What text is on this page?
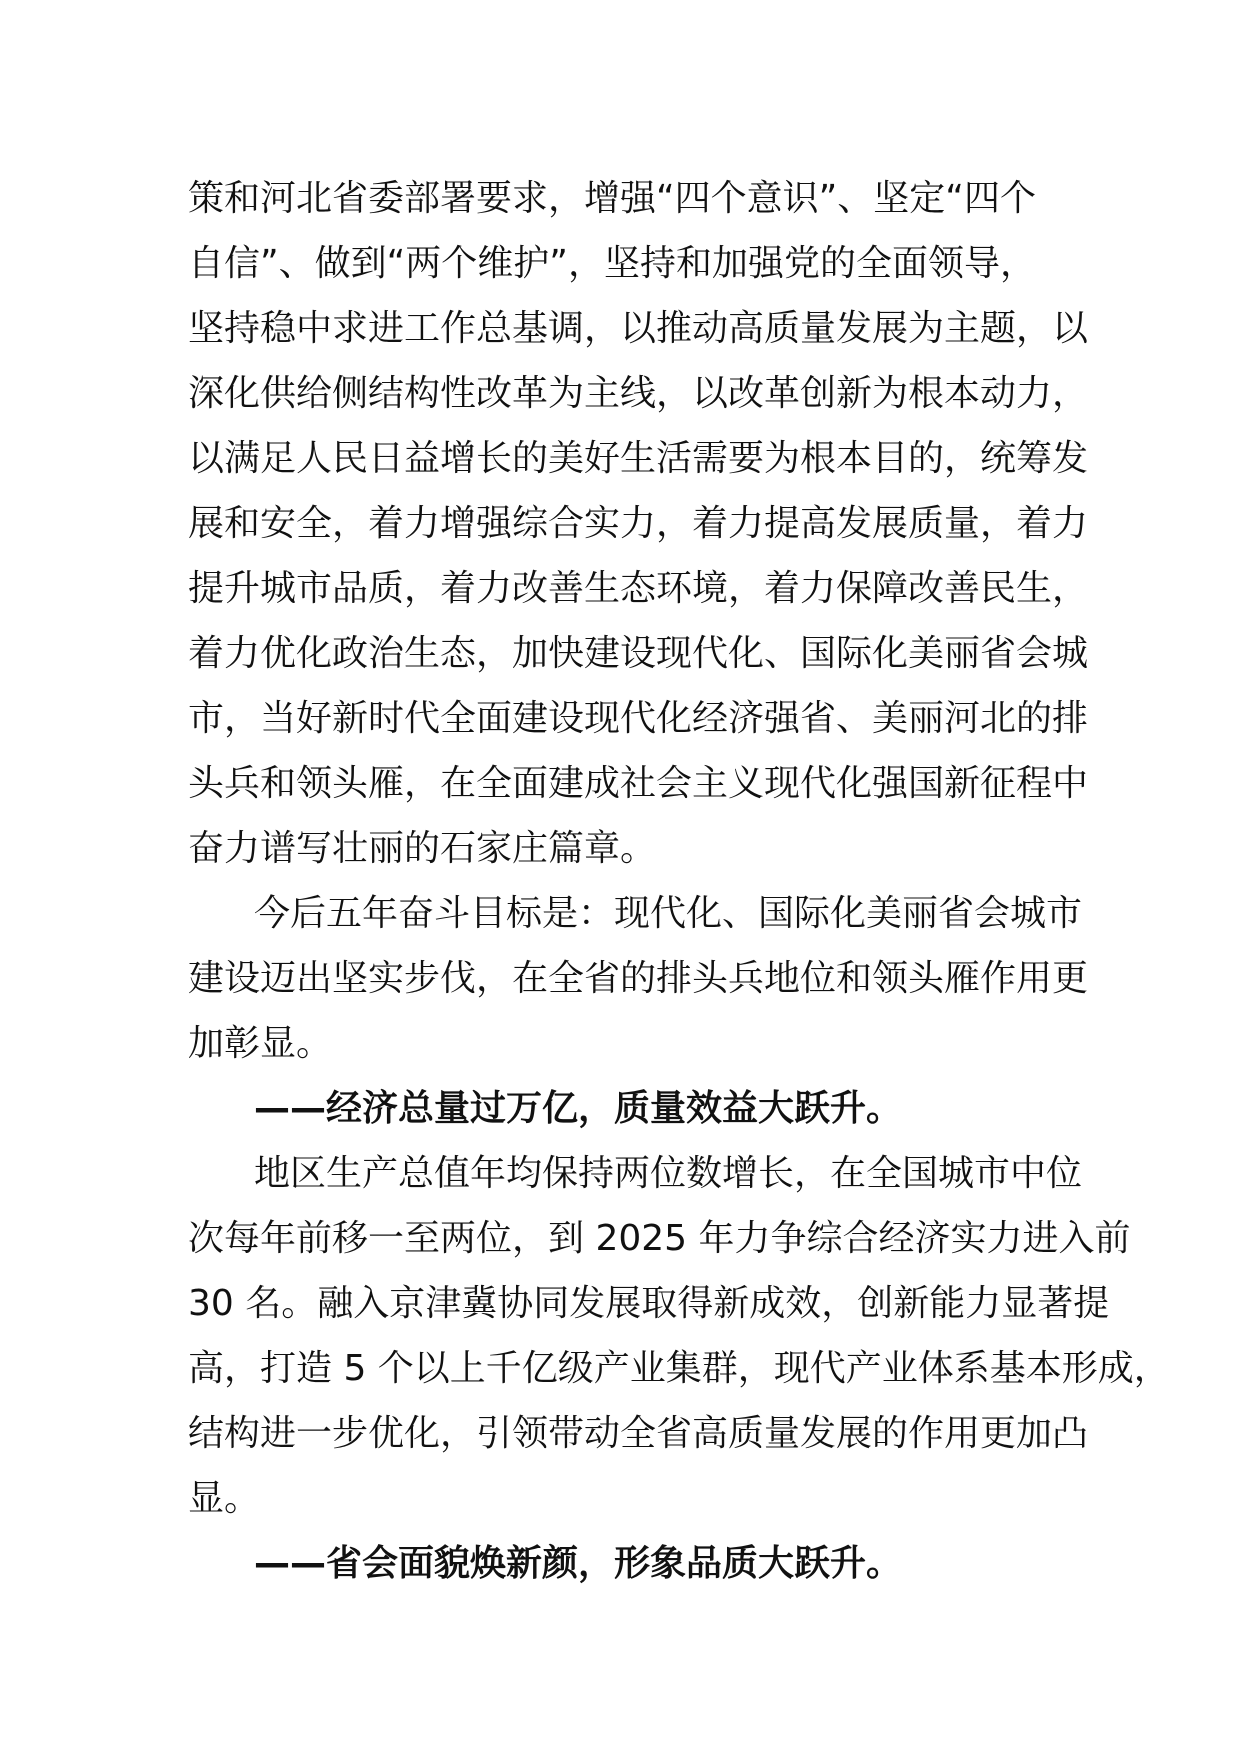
策和河北省委部署要求，增强“四个意识”、坚定“四个
自信”、做到“两个维护”，坚持和加强党的全面领导，
坚持稳中求进工作总基调，以推动高质量发展为主题，以
深化供给侧结构性改革为主线，以改革创新为根本动力，
以满足人民日益增长的美好生活需要为根本目的，统筹发
展和安全，着力增强综合实力，着力提高发展质量，着力
提升城市品质，着力改善生态环境，着力保障改善民生，
着力优化政治生态，加快建设现代化、国际化美丽省会城
市，当好新时代全面建设现代化经济强省、美丽河北的排
头兵和领头雁，在全面建成社会主义现代化强国新征程中
奋力谱写壮丽的石家庄篇章。
今后五年奋斗目标是：现代化、国际化美丽省会城市
建设迈出坚实步伐，在全省的排头兵地位和领头雁作用更
加彰显。
——经济总量过万亿，质量效益大跃升。
地区生产总值年均保持两位数增长，在全国城市中位
次每年前移一至两位，到 2025 年力争综合经济实力进入前
30 名。融入京津冀协同发展取得新成效，创新能力显著提
高，打造 5 个以上千亿级产业集群，现代产业体系基本形成，
结构进一步优化，引领带动全省高质量发展的作用更加凸
显。
——省会面貌焕新颜，形象品质大跃升。
